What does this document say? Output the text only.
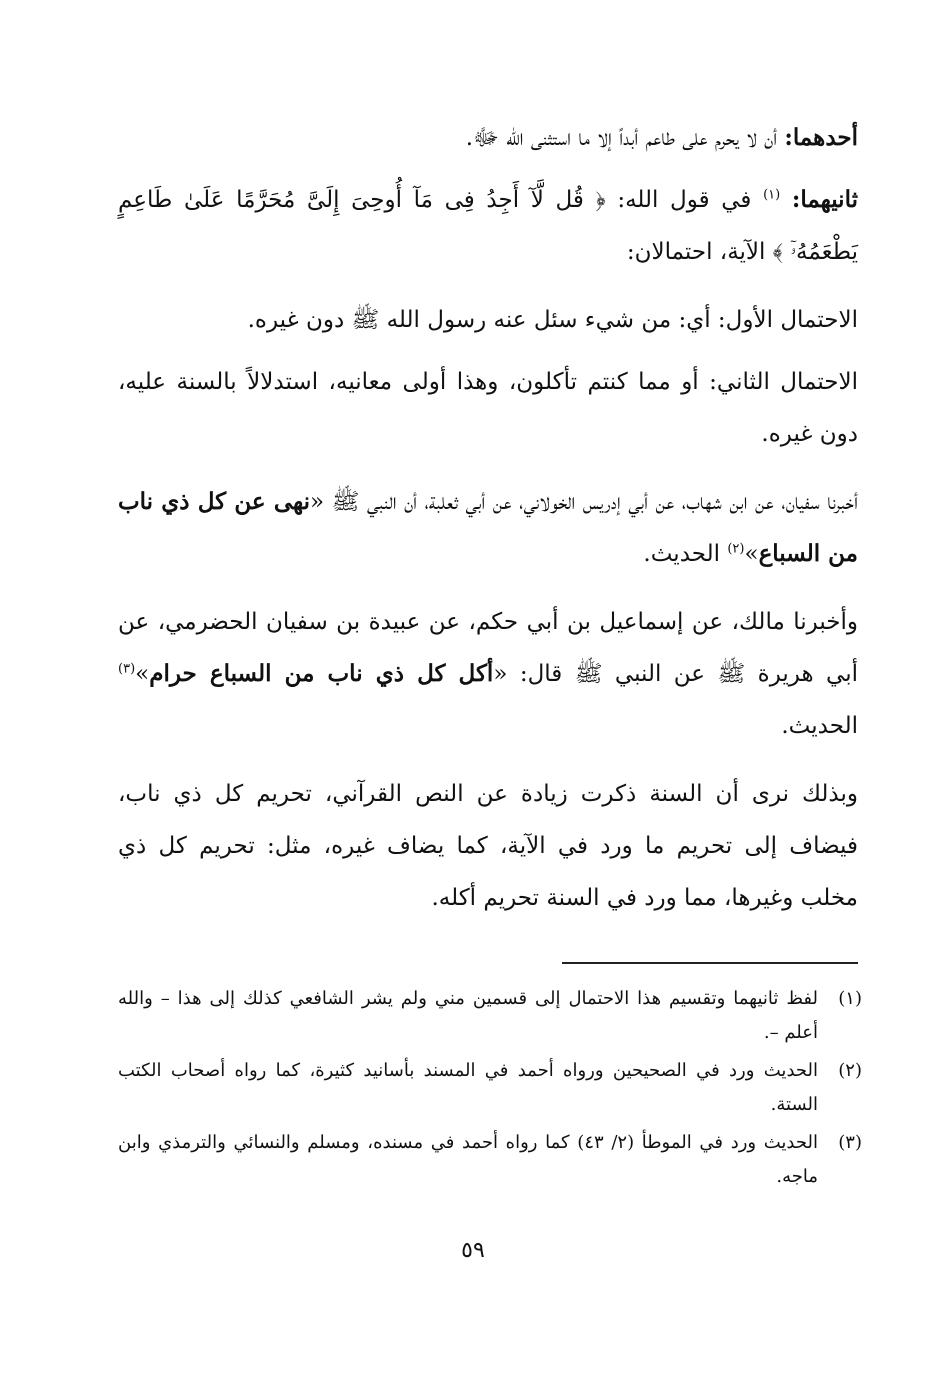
أحدهما: أن لا يحرم على طاعم أبداً إلا ما استثنى الله ﷻ.

ثانيهما: $^{(١)}$ في قول الله: ﴿ قُل لَّآ أَجِدُ فِى مَآ أُوحِىَ إِلَىَّ مُحَرَّمًا عَلَىٰ طَاعِمٍ يَطْعَمُهُۥٓ ﴾ الآية، احتمالان:

الاحتمال الأول: أي: من شيء سئل عنه رسول الله ﷺ دون غيره.

الاحتمال الثاني: أو مما كنتم تأكلون، وهذا أولى معانيه، استدلالاً بالسنة عليه، دون غيره.

أخبرنا سفيان، عن ابن شهاب، عن أبي إدريس الخولاني، عن أبي ثعلبة، أن النبي ﷺ «نهى عن كل ذي ناب من السباع»$^{(٢)}$ الحديث.

وأخبرنا مالك، عن إسماعيل بن أبي حكم، عن عبيدة بن سفيان الحضرمي، عن أبي هريرة ﷺ عن النبي ﷺ قال: «أكل كل ذي ناب من السباع حرام»$^{(٣)}$ الحديث.

وبذلك نرى أن السنة ذكرت زيادة عن النص القرآني، تحريم كل ذي ناب، فيضاف إلى تحريم ما ورد في الآية، كما يضاف غيره، مثل: تحريم كل ذي مخلب وغيرها، مما ورد في السنة تحريم أكله.

(١)
لفظ ثانيهما وتقسيم هذا الاحتمال إلى قسمين مني ولم يشر الشافعي كذلك إلى هذا – والله أعلم –.
(٢)
الحديث ورد في الصحيحين ورواه أحمد في المسند بأسانيد كثيرة، كما رواه أصحاب الكتب الستة.
(٣)
الحديث ورد في الموطأ (٢/ ٤٣) كما رواه أحمد في مسنده، ومسلم والنسائي والترمذي وابن ماجه.
٥٩
